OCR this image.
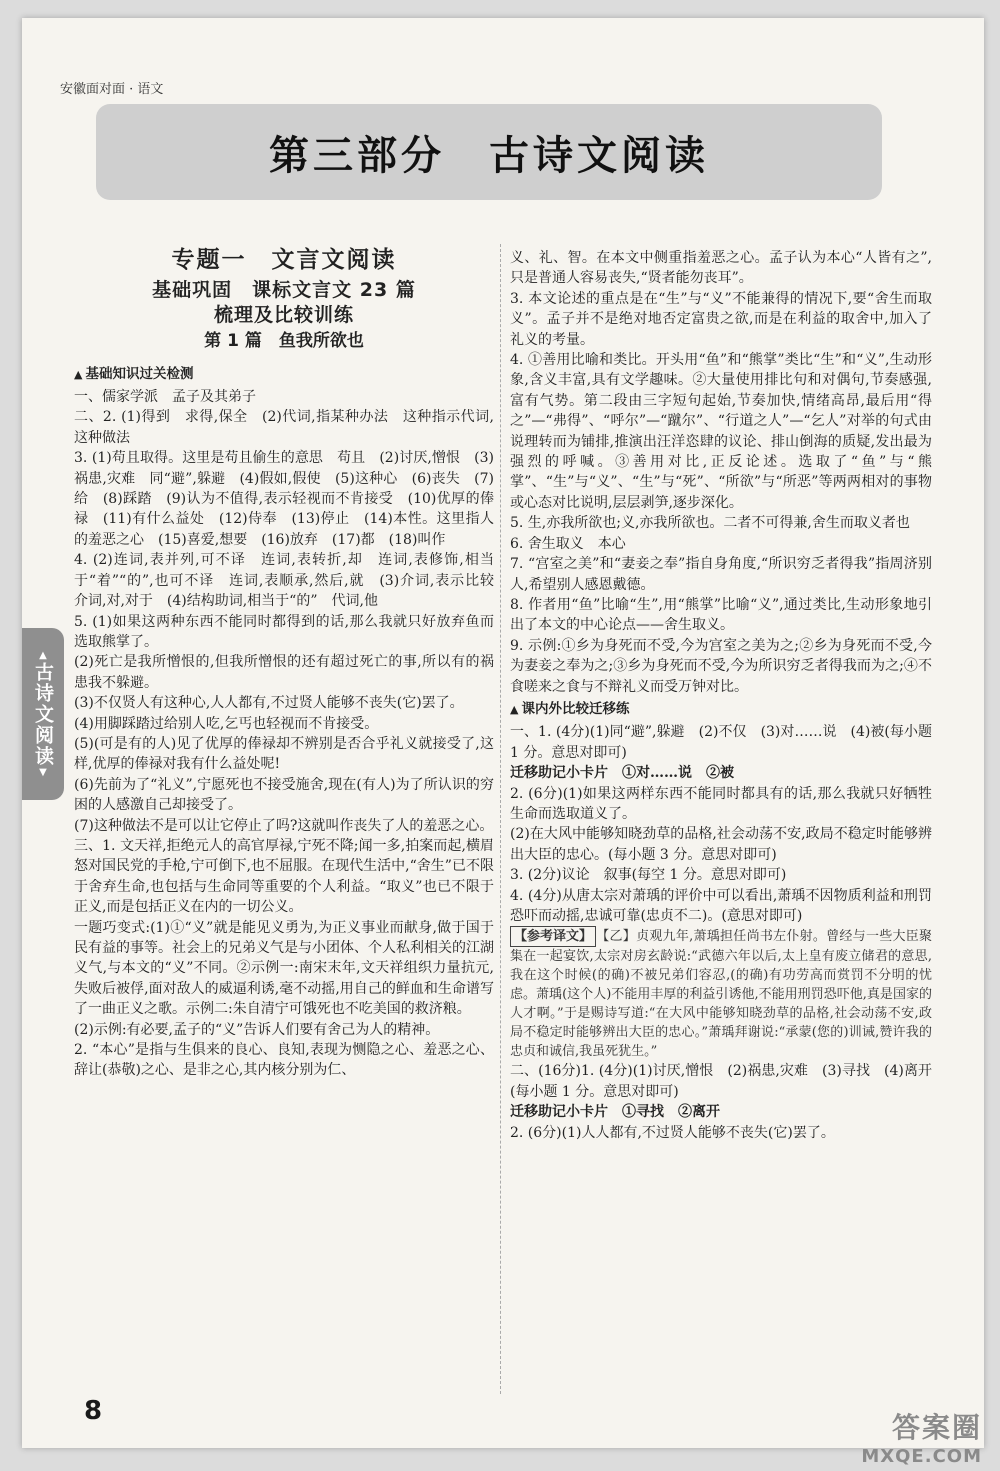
安徽面对面 · 语文
第三部分　古诗文阅读
▲
古诗文阅读
▼
专题一　文言文阅读
基础巩固　课标文言文 23 篇
梳理及比较训练
第 1 篇　鱼我所欲也
▲ 基础知识过关检测

一、儒家学派　孟子及其弟子

二、2. (1)得到　求得,保全　(2)代词,指某种办法　这种指示代词,这种做法

3. (1)苟且取得。这里是苟且偷生的意思　苟且　(2)讨厌,憎恨　(3)祸患,灾难　同“避”,躲避　(4)假如,假使　(5)这种心　(6)丧失　(7)给　(8)踩踏　(9)认为不值得,表示轻视而不肯接受　(10)优厚的俸禄　(11)有什么益处　(12)侍奉　(13)停止　(14)本性。这里指人的羞恶之心　(15)喜爱,想要　(16)放弃　(17)都　(18)叫作

4. (2)连词,表并列,可不译　连词,表转折,却　连词,表修饰,相当于“着”“的”,也可不译　连词,表顺承,然后,就　(3)介词,表示比较　介词,对,对于　(4)结构助词,相当于“的”　代词,他

5. (1)如果这两种东西不能同时都得到的话,那么我就只好放弃鱼而选取熊掌了。

(2)死亡是我所憎恨的,但我所憎恨的还有超过死亡的事,所以有的祸患我不躲避。

(3)不仅贤人有这种心,人人都有,不过贤人能够不丧失(它)罢了。

(4)用脚踩踏过给别人吃,乞丐也轻视而不肯接受。

(5)(可是有的人)见了优厚的俸禄却不辨别是否合乎礼义就接受了,这样,优厚的俸禄对我有什么益处呢!

(6)先前为了“礼义”,宁愿死也不接受施舍,现在(有人)为了所认识的穷困的人感激自己却接受了。

(7)这种做法不是可以让它停止了吗?这就叫作丧失了人的羞恶之心。

三、1. 文天祥,拒绝元人的高官厚禄,宁死不降;闻一多,拍案而起,横眉怒对国民党的手枪,宁可倒下,也不屈服。在现代生活中,“舍生”已不限于舍弃生命,也包括与生命同等重要的个人利益。“取义”也已不限于正义,而是包括正义在内的一切公义。

一题巧变式:(1)①“义”就是能见义勇为,为正义事业而献身,做于国于民有益的事等。社会上的兄弟义气是与小团体、个人私利相关的江湖义气,与本文的“义”不同。②示例一:南宋末年,文天祥组织力量抗元,失败后被俘,面对敌人的威逼利诱,毫不动摇,用自己的鲜血和生命谱写了一曲正义之歌。示例二:朱自清宁可饿死也不吃美国的救济粮。

(2)示例:有必要,孟子的“义”告诉人们要有舍己为人的精神。

2. “本心”是指与生俱来的良心、良知,表现为恻隐之心、羞恶之心、辞让(恭敬)之心、是非之心,其内核分别为仁、

义、礼、智。在本文中侧重指羞恶之心。孟子认为本心“人皆有之”,只是普通人容易丧失,“贤者能勿丧耳”。

3. 本文论述的重点是在“生”与“义”不能兼得的情况下,要“舍生而取义”。孟子并不是绝对地否定富贵之欲,而是在利益的取舍中,加入了礼义的考量。

4. ①善用比喻和类比。开头用“鱼”和“熊掌”类比“生”和“义”,生动形象,含义丰富,具有文学趣味。②大量使用排比句和对偶句,节奏感强,富有气势。第二段由三字短句起始,节奏加快,情绪高昂,最后用“得之”—“弗得”、“呼尔”—“蹴尔”、“行道之人”—“乞人”对举的句式由说理转而为铺排,推演出汪洋恣肆的议论、排山倒海的质疑,发出最为强烈的呼喊。③善用对比,正反论述。选取了“鱼”与“熊掌”、“生”与“义”、“生”与“死”、“所欲”与“所恶”等两两相对的事物或心态对比说明,层层剥笋,逐步深化。

5. 生,亦我所欲也;义,亦我所欲也。二者不可得兼,舍生而取义者也

6. 舍生取义　本心

7. “宫室之美”和“妻妾之奉”指自身角度,“所识穷乏者得我”指周济别人,希望别人感恩戴德。

8. 作者用“鱼”比喻“生”,用“熊掌”比喻“义”,通过类比,生动形象地引出了本文的中心论点——舍生取义。

9. 示例:①乡为身死而不受,今为宫室之美为之;②乡为身死而不受,今为妻妾之奉为之;③乡为身死而不受,今为所识穷乏者得我而为之;④不食嗟来之食与不辩礼义而受万钟对比。

▲ 课内外比较迁移练

一、1. (4分)(1)同“避”,躲避　(2)不仅　(3)对……说　(4)被(每小题 1 分。意思对即可)

迁移助记小卡片　①对……说　②被

2. (6分)(1)如果这两样东西不能同时都具有的话,那么我就只好牺牲生命而选取道义了。

(2)在大风中能够知晓劲草的品格,社会动荡不安,政局不稳定时能够辨出大臣的忠心。(每小题 3 分。意思对即可)

3. (2分)议论　叙事(每空 1 分。意思对即可)

4. (4分)从唐太宗对萧瑀的评价中可以看出,萧瑀不因物质利益和刑罚恐吓而动摇,忠诚可靠(忠贞不二)。(意思对即可)

【参考译文】 【乙】贞观九年,萧瑀担任尚书左仆射。曾经与一些大臣聚集在一起宴饮,太宗对房玄龄说:“武德六年以后,太上皇有废立储君的意思,我在这个时候(的确)不被兄弟们容忍,(的确)有功劳高而赏罚不分明的忧虑。萧瑀(这个人)不能用丰厚的利益引诱他,不能用刑罚恐吓他,真是国家的人才啊。”于是赐诗写道:“在大风中能够知晓劲草的品格,社会动荡不安,政局不稳定时能够辨出大臣的忠心。”萧瑀拜谢说:“承蒙(您的)训诫,赞许我的忠贞和诚信,我虽死犹生。”

二、(16分)1. (4分)(1)讨厌,憎恨　(2)祸患,灾难　(3)寻找　(4)离开(每小题 1 分。意思对即可)

迁移助记小卡片　①寻找　②离开

2. (6分)(1)人人都有,不过贤人能够不丧失(它)罢了。

8	答案圈
MXQE.COM
